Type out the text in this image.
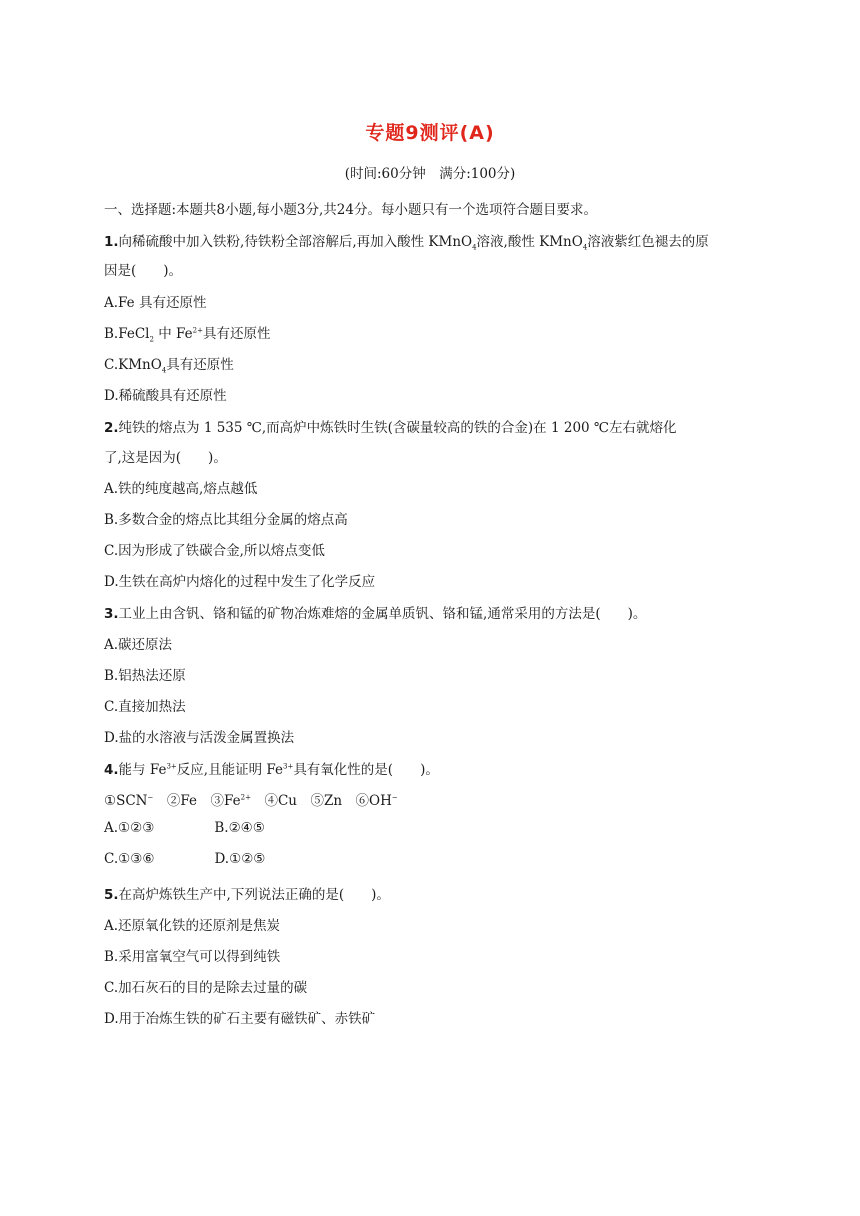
专题9测评(A)
(时间:60分钟　满分:100分)
一、选择题:本题共8小题,每小题3分,共24分。每小题只有一个选项符合题目要求。
1.向稀硫酸中加入铁粉,待铁粉全部溶解后,再加入酸性 KMnO$_4$溶液,酸性 KMnO$_4$溶液紫红色褪去的原
因是(　　)。
A.Fe 具有还原性
B.FeCl$_2$ 中 $Fe^{2+}$具有还原性
C.KMnO$_4$具有还原性
D.稀硫酸具有还原性
2.纯铁的熔点为 1 535 ℃,而高炉中炼铁时生铁(含碳量较高的铁的合金)在 1 200 ℃左右就熔化
了,这是因为(　　)。
A.铁的纯度越高,熔点越低
B.多数合金的熔点比其组分金属的熔点高
C.因为形成了铁碳合金,所以熔点变低
D.生铁在高炉内熔化的过程中发生了化学反应
3.工业上由含钒、铬和锰的矿物冶炼难熔的金属单质钒、铬和锰,通常采用的方法是(　　)。
A.碳还原法
B.铝热法还原
C.直接加热法
D.盐的水溶液与活泼金属置换法
4.能与 $Fe^{3+}$反应,且能证明 $Fe^{3+}$具有氧化性的是(　　)。
①SCN−　②Fe　$③Fe^{2+}$　④Cu　⑤Zn　⑥OH−
A.①②③	B.②④⑤
C.①③⑥	D.①②⑤
5.在高炉炼铁生产中,下列说法正确的是(　　)。
A.还原氧化铁的还原剂是焦炭
B.采用富氧空气可以得到纯铁
C.加石灰石的目的是除去过量的碳
D.用于冶炼生铁的矿石主要有磁铁矿、赤铁矿
